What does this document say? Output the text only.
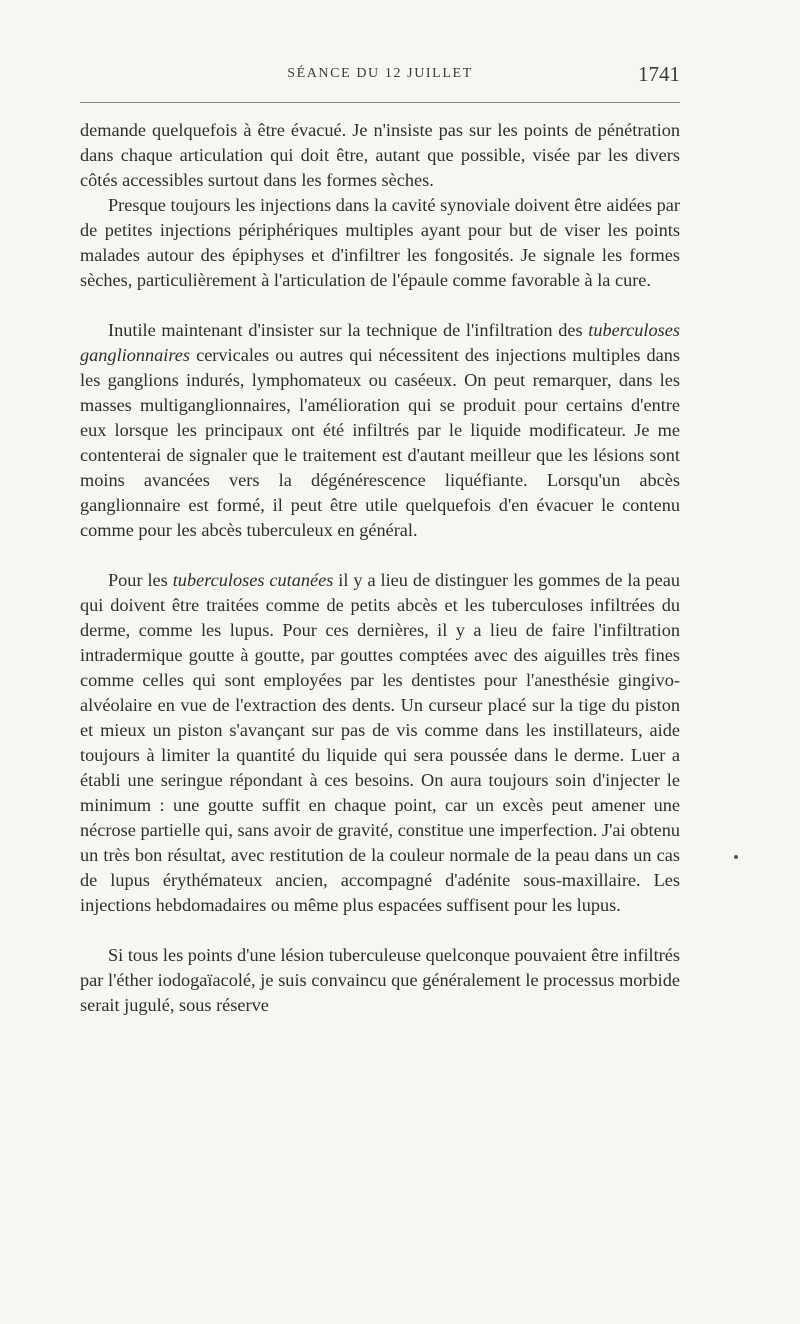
SÉANCE DU 12 JUILLET	1741

demande quelquefois à être évacué. Je n'insiste pas sur les points de pénétration dans chaque articulation qui doit être, autant que possible, visée par les divers côtés accessibles surtout dans les formes sèches.

Presque toujours les injections dans la cavité synoviale doivent être aidées par de petites injections périphériques multiples ayant pour but de viser les points malades autour des épiphyses et d'infiltrer les fongosités. Je signale les formes sèches, particulièrement à l'articulation de l'épaule comme favorable à la cure.

Inutile maintenant d'insister sur la technique de l'infiltration des tuberculoses ganglionnaires cervicales ou autres qui nécessitent des injections multiples dans les ganglions indurés, lymphomateux ou caséeux. On peut remarquer, dans les masses multiganglionnaires, l'amélioration qui se produit pour certains d'entre eux lorsque les principaux ont été infiltrés par le liquide modificateur. Je me contenterai de signaler que le traitement est d'autant meilleur que les lésions sont moins avancées vers la dégénérescence liquéfiante. Lorsqu'un abcès ganglionnaire est formé, il peut être utile quelquefois d'en évacuer le contenu comme pour les abcès tuberculeux en général.

Pour les tuberculoses cutanées il y a lieu de distinguer les gommes de la peau qui doivent être traitées comme de petits abcès et les tuberculoses infiltrées du derme, comme les lupus. Pour ces dernières, il y a lieu de faire l'infiltration intradermique goutte à goutte, par gouttes comptées avec des aiguilles très fines comme celles qui sont employées par les dentistes pour l'anesthésie gingivo-alvéolaire en vue de l'extraction des dents. Un curseur placé sur la tige du piston et mieux un piston s'avançant sur pas de vis comme dans les instillateurs, aide toujours à limiter la quantité du liquide qui sera poussée dans le derme. Luer a établi une seringue répondant à ces besoins. On aura toujours soin d'injecter le minimum : une goutte suffit en chaque point, car un excès peut amener une nécrose partielle qui, sans avoir de gravité, constitue une imperfection. J'ai obtenu un très bon résultat, avec restitution de la couleur normale de la peau dans un cas de lupus érythémateux ancien, accompagné d'adénite sous-maxillaire. Les injections hebdomadaires ou même plus espacées suffisent pour les lupus.

Si tous les points d'une lésion tuberculeuse quelconque pouvaient être infiltrés par l'éther iodogaïacolé, je suis convaincu que généralement le processus morbide serait jugulé, sous réserve
